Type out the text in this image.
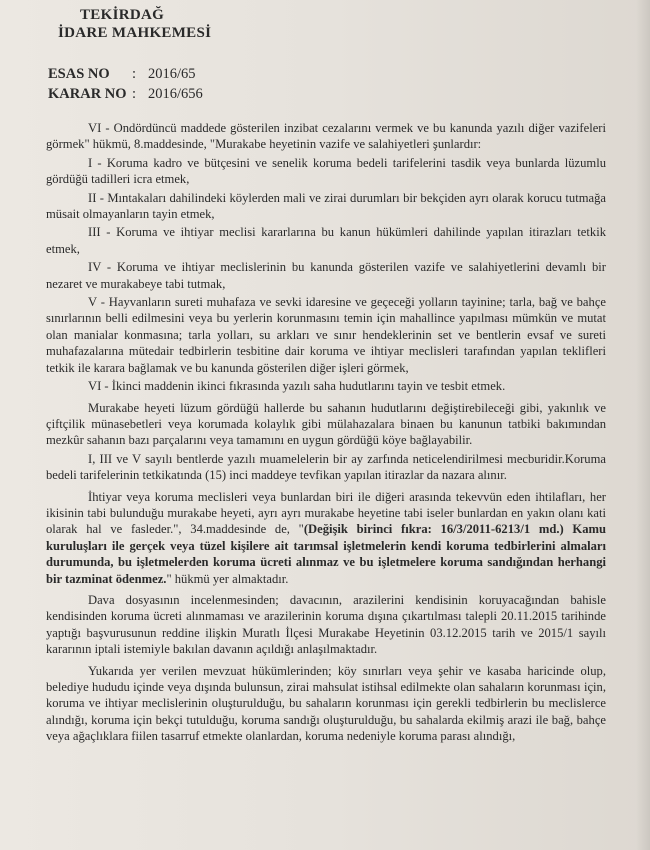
TEKİRDAĞ
İDARE MAHKEMESİ
ESAS NO	: 2016/65
KARAR NO : 2016/656

VI - Ondördüncü maddede gösterilen inzibat cezalarını vermek ve bu kanunda yazılı diğer vazifeleri görmek" hükmü, 8.maddesinde, "Murakabe heyetinin vazife ve salahiyetleri şunlardır:

I - Koruma kadro ve bütçesini ve senelik koruma bedeli tarifelerini tasdik veya bunlarda lüzumlu gördüğü tadilleri icra etmek,

II - Mıntakaları dahilindeki köylerden mali ve zirai durumları bir bekçiden ayrı olarak korucu tutmağa müsait olmayanların tayin etmek,

III - Koruma ve ihtiyar meclisi kararlarına bu kanun hükümleri dahilinde yapılan itirazları tetkik etmek,

IV - Koruma ve ihtiyar meclislerinin bu kanunda gösterilen vazife ve salahiyetlerini devamlı bir nezaret ve murakabeye tabi tutmak,

V - Hayvanların sureti muhafaza ve sevki idaresine ve geçeceği yolların tayinine; tarla, bağ ve bahçe sınırlarının belli edilmesini veya bu yerlerin korunmasını temin için mahallince yapılması mümkün ve mutat olan manialar konmasına; tarla yolları, su arkları ve sınır hendeklerinin set ve bentlerin evsaf ve sureti muhafazalarına mütedair tedbirlerin tesbitine dair koruma ve ihtiyar meclisleri tarafından yapılan teklifleri tetkik ile karara bağlamak ve bu kanunda gösterilen diğer işleri görmek,

VI - İkinci maddenin ikinci fıkrasında yazılı saha hudutlarını tayin ve tesbit etmek.

Murakabe heyeti lüzum gördüğü hallerde bu sahanın hudutlarını değiştirebileceği gibi, yakınlık ve çiftçilik münasebetleri veya korumada kolaylık gibi mülahazalara binaen bu kanunun tatbiki bakımından mezkûr sahanın bazı parçalarını veya tamamını en uygun gördüğü köye bağlayabilir.

I, III ve V sayılı bentlerde yazılı muamelelerin bir ay zarfında neticelendirilmesi mecburidir.Koruma bedeli tarifelerinin tetkikatında (15) inci maddeye tevfikan yapılan itirazlar da nazara alınır.

İhtiyar veya koruma meclisleri veya bunlardan biri ile diğeri arasında tekevvün eden ihtilafları, her ikisinin tabi bulunduğu murakabe heyeti, ayrı ayrı murakabe heyetine tabi iseler bunlardan en yakın olanı kati olarak hal ve fasleder.", 34.maddesinde de, "(Değişik birinci fıkra: 16/3/2011-6213/1 md.) Kamu kuruluşları ile gerçek veya tüzel kişilere ait tarımsal işletmelerin kendi koruma tedbirlerini almaları durumunda, bu işletmelerden koruma ücreti alınmaz ve bu işletmelere koruma sandığından herhangi bir tazminat ödenmez." hükmü yer almaktadır.

Dava dosyasının incelenmesinden; davacının, arazilerini kendisinin koruyacağından bahisle kendisinden koruma ücreti alınmaması ve arazilerinin koruma dışına çıkartılması talepli 20.11.2015 tarihinde yaptığı başvurusunun reddine ilişkin Muratlı İlçesi Murakabe Heyetinin 03.12.2015 tarih ve 2015/1 sayılı kararının iptali istemiyle bakılan davanın açıldığı anlaşılmaktadır.

Yukarıda yer verilen mevzuat hükümlerinden; köy sınırları veya şehir ve kasaba haricinde olup, belediye hududu içinde veya dışında bulunsun, zirai mahsulat istihsal edilmekte olan sahaların korunması için, koruma ve ihtiyar meclislerinin oluşturulduğu, bu sahaların korunması için gerekli tedbirlerin bu meclislerce alındığı, koruma için bekçi tutulduğu, koruma sandığı oluşturulduğu, bu sahalarda ekilmiş arazi ile bağ, bahçe veya ağaçlıklara fiilen tasarruf etmekte olanlardan, koruma nedeniyle koruma parası alındığı,
